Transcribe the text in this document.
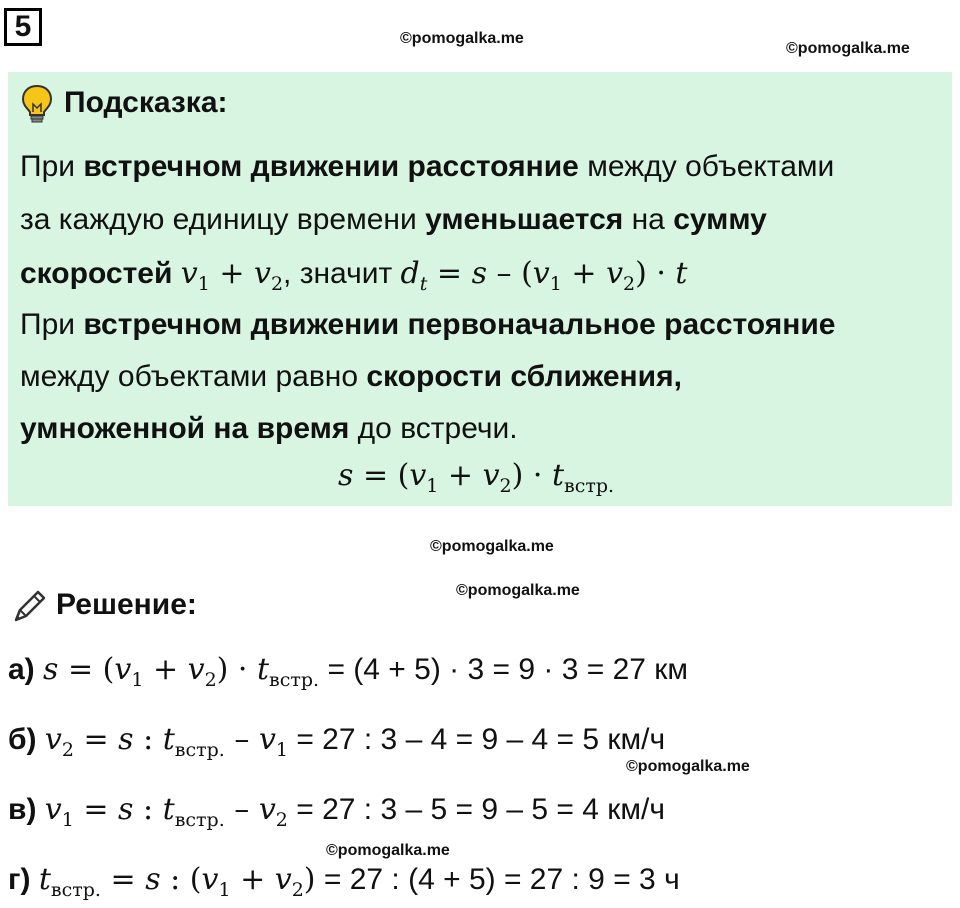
5	©pomogalka.me
©pomogalka.me
Подсказка:
При встречном движении расстояние между объектами
за каждую единицу времени уменьшается на сумму
скоростей $v_1 + v_2$, значит $d_t = s - (v_1 + v_2) \cdot t$
При встречном движении первоначальное расстояние
между объектами равно скорости сближения,
умноженной на время до встречи.
$s = (v_1 + v_2) \cdot t_{встр.}$
©pomogalka.me
©pomogalka.me
Решение:
а) $s = (v_1 + v_2) \cdot t_{встр.} = (4 + 5) \cdot 3 = 9 \cdot 3 = 27$ км
б) $v_2 = s$ : $t_{встр.} - v_1 = 27$ : 3 – 4 = 9 – 4 = 5 км/ч
©pomogalka.me
в) $v_1 = s$ : $t_{встр.} - v_2 = 27$ : 3 – 5 = 9 – 5 = 4 км/ч
©pomogalka.me
г) $t_{встр.} = s$ : $(v_1 + v_2) = 27$ : (4 + 5) = 27 : 9 = 3 ч
